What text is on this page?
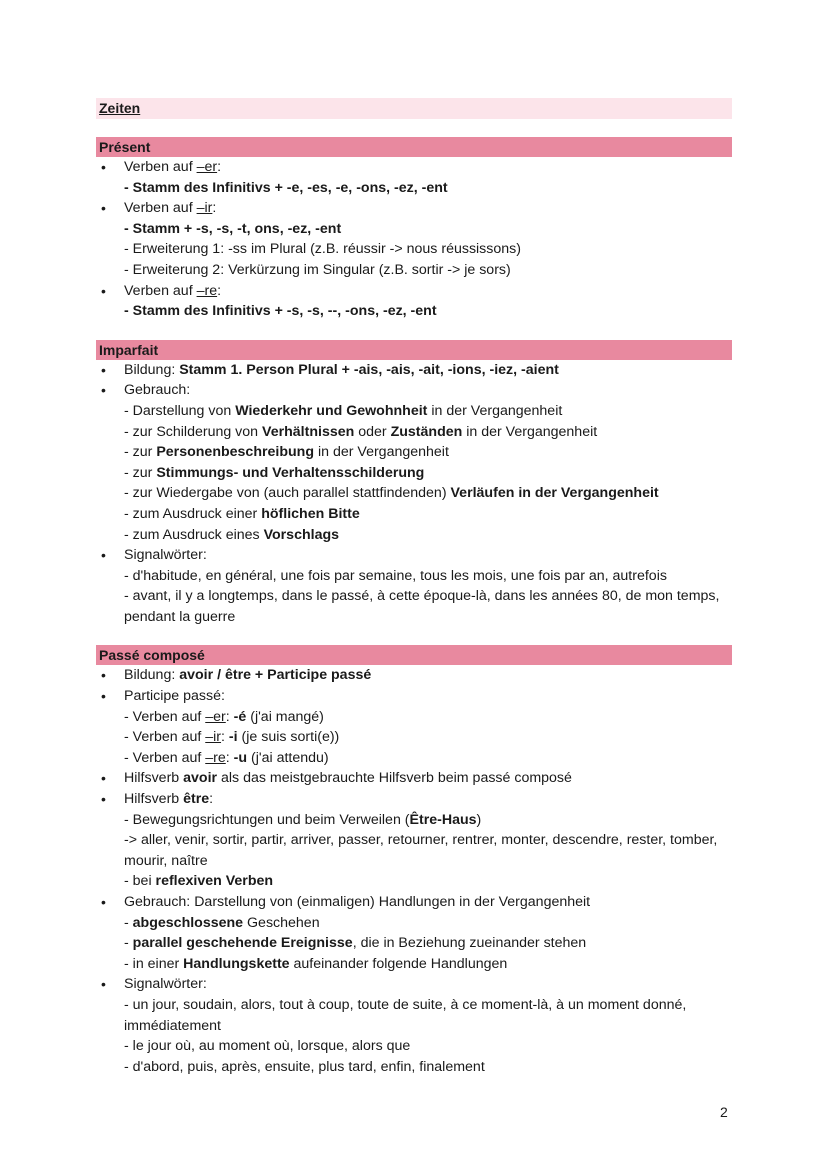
Zeiten
Présent
• Verben auf –er:
- Stamm des Infinitivs + -e, -es, -e, -ons, -ez, -ent
• Verben auf –ir:
- Stamm + -s, -s, -t, ons, -ez, -ent
- Erweiterung 1: -ss im Plural (z.B. réussir -> nous réussissons)
- Erweiterung 2: Verkürzung im Singular (z.B. sortir -> je sors)
• Verben auf –re:
- Stamm des Infinitivs + -s, -s, --, -ons, -ez, -ent
Imparfait
• Bildung: Stamm 1. Person Plural + -ais, -ais, -ait, -ions, -iez, -aient
• Gebrauch:
- Darstellung von Wiederkehr und Gewohnheit in der Vergangenheit
- zur Schilderung von Verhältnissen oder Zuständen in der Vergangenheit
- zur Personenbeschreibung in der Vergangenheit
- zur Stimmungs- und Verhaltensschilderung
- zur Wiedergabe von (auch parallel stattfindenden) Verläufen in der Vergangenheit
- zum Ausdruck einer höflichen Bitte
- zum Ausdruck eines Vorschlags
• Signalwörter:
- d'habitude, en général, une fois par semaine, tous les mois, une fois par an, autrefois
- avant, il y a longtemps, dans le passé, à cette époque-là, dans les années 80, de mon temps, pendant la guerre
Passé composé
• Bildung: avoir / être + Participe passé
• Participe passé:
- Verben auf –er: -é (j'ai mangé)
- Verben auf –ir: -i (je suis sorti(e))
- Verben auf –re: -u (j'ai attendu)
• Hilfsverb avoir als das meistgebrauchte Hilfsverb beim passé composé
• Hilfsverb être:
- Bewegungsrichtungen und beim Verweilen (Être-Haus)
-> aller, venir, sortir, partir, arriver, passer, retourner, rentrer, monter, descendre, rester, tomber, mourir, naître
- bei reflexiven Verben
• Gebrauch: Darstellung von (einmaligen) Handlungen in der Vergangenheit
- abgeschlossene Geschehen
- parallel geschehende Ereignisse, die in Beziehung zueinander stehen
- in einer Handlungskette aufeinander folgende Handlungen
• Signalwörter:
- un jour, soudain, alors, tout à coup, toute de suite, à ce moment-là, à un moment donné, immédiatement
- le jour où, au moment où, lorsque, alors que
- d'abord, puis, après, ensuite, plus tard, enfin, finalement
2
